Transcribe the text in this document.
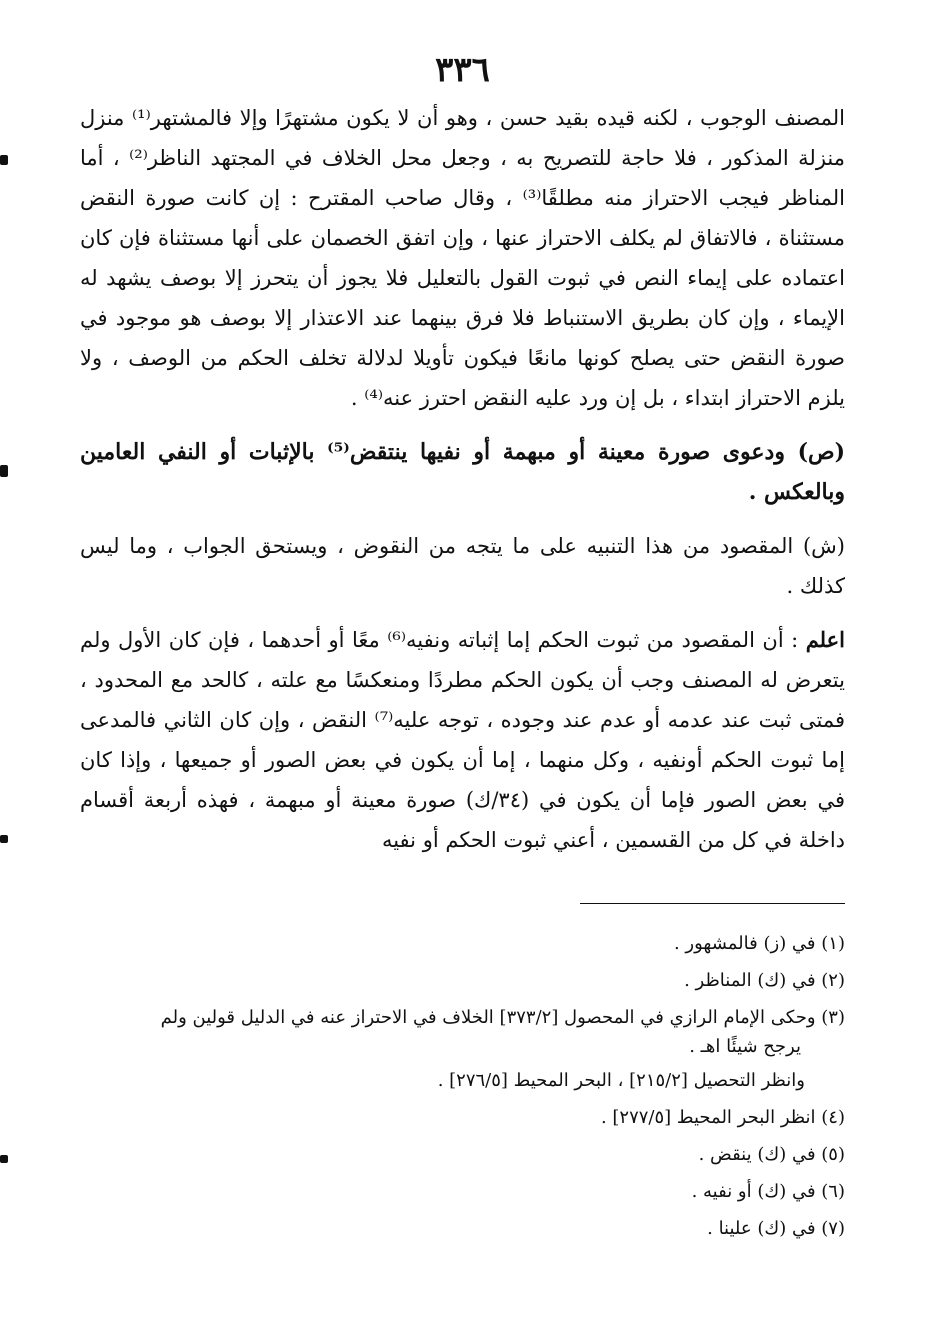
٣٣٦

المصنف الوجوب ، لكنه قيده بقيد حسن ، وهو أن لا يكون مشتهرًا وإلا فالمشتهر⁽¹⁾ منزل منزلة المذكور ، فلا حاجة للتصريح به ، وجعل محل الخلاف في المجتهد الناظر⁽²⁾ ، أما المناظر فيجب الاحتراز منه مطلقًا⁽³⁾ ، وقال صاحب المقترح : إن كانت صورة النقض مستثناة ، فالاتفاق لم يكلف الاحتراز عنها ، وإن اتفق الخصمان على أنها مستثناة فإن كان اعتماده على إيماء النص في ثبوت القول بالتعليل فلا يجوز أن يتحرز إلا بوصف يشهد له الإيماء ، وإن كان بطريق الاستنباط فلا فرق بينهما عند الاعتذار إلا بوصف هو موجود في صورة النقض حتى يصلح كونها مانعًا فيكون تأويلا لدلالة تخلف الحكم من الوصف ، ولا يلزم الاحتراز ابتداء ، بل إن ورد عليه النقض احترز عنه⁽⁴⁾ .

(ص) ودعوى صورة معينة أو مبهمة أو نفيها ينتقض⁽⁵⁾ بالإثبات أو النفي العامين وبالعكس .

(ش) المقصود من هذا التنبيه على ما يتجه من النقوض ، ويستحق الجواب ، وما ليس كذلك .

اعلم : أن المقصود من ثبوت الحكم إما إثباته ونفيه⁽⁶⁾ معًا أو أحدهما ، فإن كان الأول ولم يتعرض له المصنف وجب أن يكون الحكم مطردًا ومنعكسًا مع علته ، كالحد مع المحدود ، فمتى ثبت عند عدمه أو عدم عند وجوده ، توجه عليه⁽⁷⁾ النقض ، وإن كان الثاني فالمدعى إما ثبوت الحكم أونفيه ، وكل منهما ، إما أن يكون في بعض الصور أو جميعها ، وإذا كان في بعض الصور فإما أن يكون في (٣٤/ك) صورة معينة أو مبهمة ، فهذه أربعة أقسام داخلة في كل من القسمين ، أعني ثبوت الحكم أو نفيه

(١) في (ز) فالمشهور .

(٢) في (ك) المناظر .

(٣) وحكى الإمام الرازي في المحصول [٣٧٣/٢] الخلاف في الاحتراز عنه في الدليل قولين ولم

يرجح شيئًا اهـ .

وانظر التحصيل [٢١٥/٢] ، البحر المحيط [٢٧٦/٥] .

(٤) انظر البحر المحيط [٢٧٧/٥] .

(٥) في (ك) ينقض .

(٦) في (ك) أو نفيه .

(٧) في (ك) علينا .
